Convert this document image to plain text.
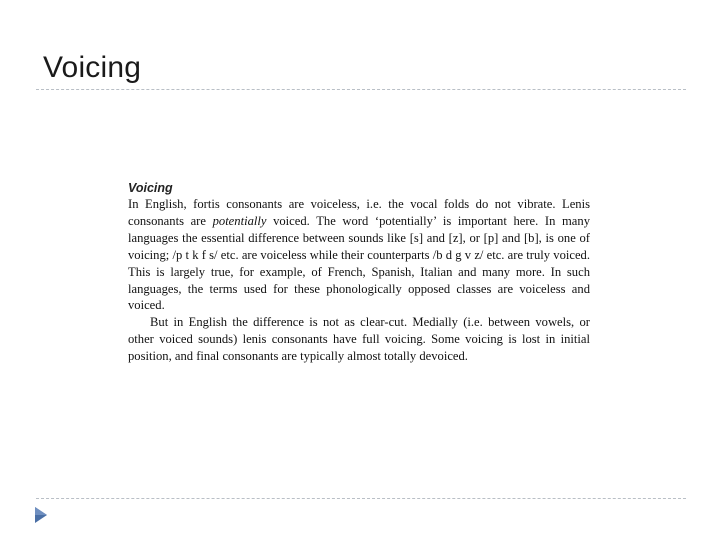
Voicing
Voicing

In English, fortis consonants are voiceless, i.e. the vocal folds do not vibrate. Lenis consonants are potentially voiced. The word ‘potentially’ is important here. In many languages the essential difference between sounds like [s] and [z], or [p] and [b], is one of voicing; /p t k f s/ etc. are voiceless while their counterparts /b d g v z/ etc. are truly voiced. This is largely true, for example, of French, Spanish, Italian and many more. In such languages, the terms used for these phonologically opposed classes are voiceless and voiced.

But in English the difference is not as clear-cut. Medially (i.e. between vowels, or other voiced sounds) lenis consonants have full voicing. Some voicing is lost in initial position, and final consonants are typically almost totally devoiced.
